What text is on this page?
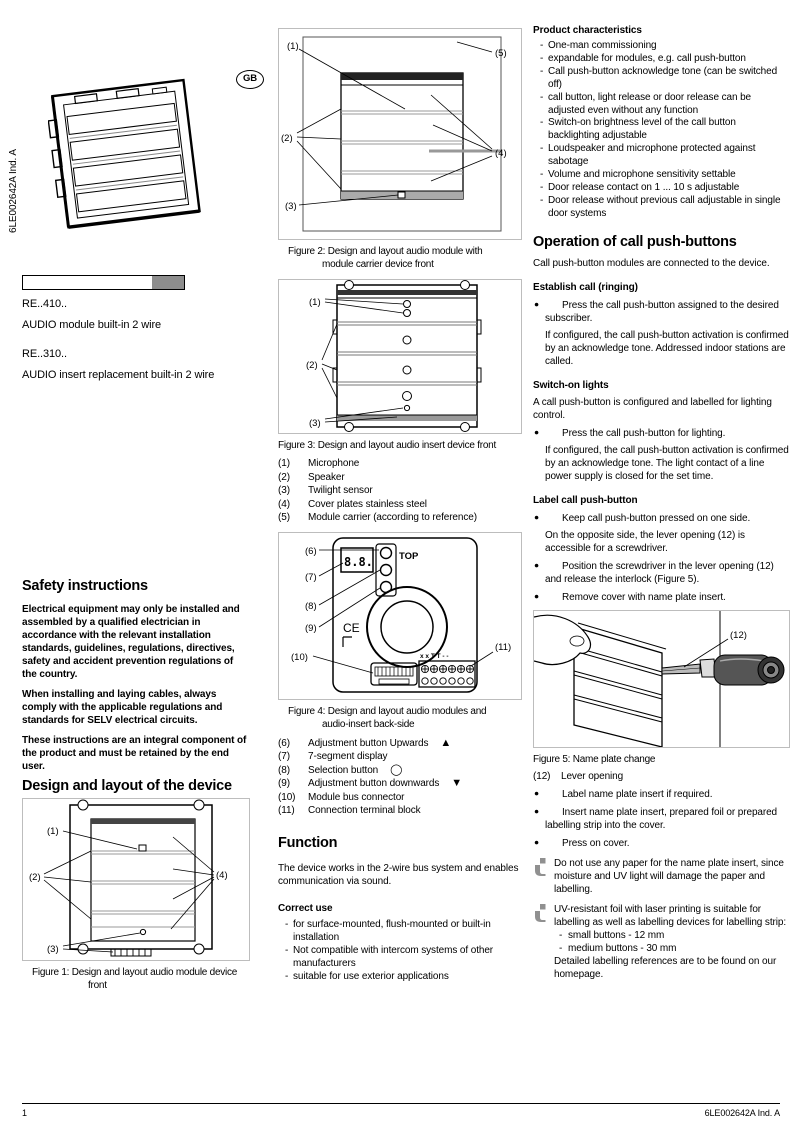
6LE002642A Ind. A
GB
RE..410..
AUDIO module built-in 2 wire
RE..310..
AUDIO insert replacement built-in 2 wire
Safety instructions
Electrical equipment may only be installed and assembled by a qualified electrician in accordance with the relevant installation standards, guidelines, regulations, directives, safety and accident prevention regulations of the country.
When installing and laying cables, always comply with the applicable regulations and standards for SELV electrical circuits.
These instructions are an integral component of the product and must be retained by the end user.
Design and layout of the device
(1)
(2)
(3)
(4)
Figure 1: Design and layout audio module device
front
(1)
(2)
(3)
(4)
(5)
Figure 2: Design and layout audio module with
module carrier device front
(1)
(2)
(3)
Figure 3: Design and layout audio insert device front
(1)	Microphone
(2)	Speaker
(3)	Twilight sensor
(4)	Cover plates stainless steel
(5)	Module carrier (according to reference)
TOP
8.8.
CE
x x T T - -
(6)
(7)
(8)
(9)
(10)
(11)
Figure 4: Design and layout audio modules and
audio-insert back-side
(6)	Adjustment button Upwards ▲
(7)	7-segment display
(8)	Selection button ◯
(9)	Adjustment button downwards ▼
(10)	Module bus connector
(11)	Connection terminal block
Function
The device works in the 2-wire bus system and enables communication via sound.
Correct use
- for surface-mounted, flush-mounted or built-in installation
- Not compatible with intercom systems of other manufacturers
- suitable for use exterior applications
Product characteristics
- One-man commissioning
- expandable for modules, e.g. call push-button
- Call push-button acknowledge tone (can be switched off)
- call button, light release or door release can be adjusted even without any function
- Switch-on brightness level of the call button backlighting adjustable
- Loudspeaker and microphone protected against sabotage
- Volume and microphone sensitivity settable
- Door release contact on 1 ... 10 s adjustable
- Door release without previous call adjustable in single door systems
Operation of call push-buttons
Call push-button modules are connected to the device.
Establish call (ringing)
●	Press the call push-button assigned to the desired subscriber.
If configured, the call push-button activation is confirmed by an acknowledge tone. Addressed indoor stations are called.
Switch-on lights
A call push-button is configured and labelled for lighting control.
●	Press the call push-button for lighting.
If configured, the call push-button activation is confirmed by an acknowledge tone. The light contact of a line power supply is closed for the set time.
Label call push-button
●	Keep call push-button pressed on one side.
On the opposite side, the lever opening (12) is accessible for a screwdriver.
●	Position the screwdriver in the lever opening (12) and release the interlock (Figure 5).
●	Remove cover with name plate insert.
(12)
Figure 5: Name plate change
(12)	Lever opening
●	Label name plate insert if required.
●	Insert name plate insert, prepared foil or prepared labelling strip into the cover.
●	Press on cover.
Do not use any paper for the name plate insert, since moisture and UV light will damage the paper and labelling.
UV-resistant foil with laser printing is suitable for labelling as well as labelling devices for labelling strip:
- small buttons - 12 mm
- medium buttons - 30 mm
Detailed labelling references are to be found on our homepage.
1	6LE002642A Ind. A
